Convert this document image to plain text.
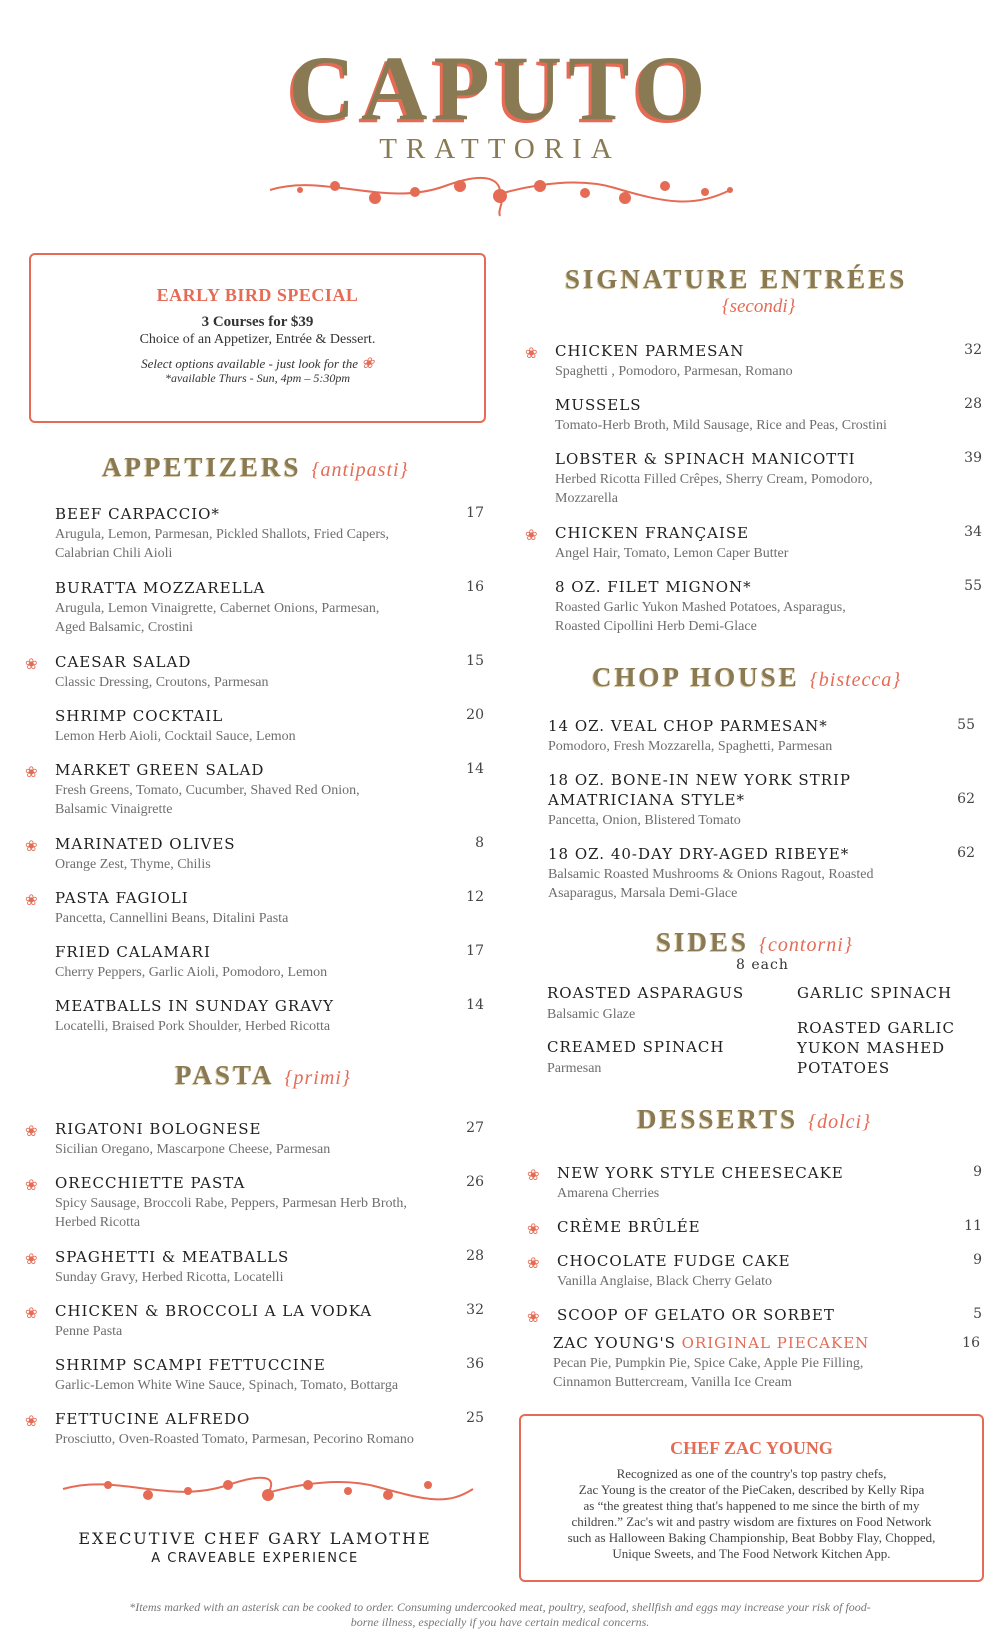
CAPUTO
TRATTORIA
EARLY BIRD SPECIAL
3 Courses for $39
Choice of an Appetizer, Entrée & Dessert.
Select options available - just look for the ❀
*available Thurs - Sun, 4pm – 5:30pm
APPETIZERS {antipasti}
BEEF CARPACCIO*	17
Arugula, Lemon, Parmesan, Pickled Shallots, Fried Capers,
Calabrian Chili Aioli
BURATTA MOZZARELLA	16
Arugula, Lemon Vinaigrette, Cabernet Onions, Parmesan,
Aged Balsamic, Crostini
❀ CAESAR SALAD	15
Classic Dressing, Croutons, Parmesan
SHRIMP COCKTAIL	20
Lemon Herb Aioli, Cocktail Sauce, Lemon
❀ MARKET GREEN SALAD	14
Fresh Greens, Tomato, Cucumber, Shaved Red Onion,
Balsamic Vinaigrette
❀ MARINATED OLIVES	8
Orange Zest, Thyme, Chilis
❀ PASTA FAGIOLI	12
Pancetta, Cannellini Beans, Ditalini Pasta
FRIED CALAMARI	17
Cherry Peppers, Garlic Aioli, Pomodoro, Lemon
MEATBALLS IN SUNDAY GRAVY	14
Locatelli, Braised Pork Shoulder, Herbed Ricotta
PASTA {primi}
❀ RIGATONI BOLOGNESE	27
Sicilian Oregano, Mascarpone Cheese, Parmesan
❀ ORECCHIETTE PASTA	26
Spicy Sausage, Broccoli Rabe, Peppers, Parmesan Herb Broth,
Herbed Ricotta
❀ SPAGHETTI & MEATBALLS	28
Sunday Gravy, Herbed Ricotta, Locatelli
❀ CHICKEN & BROCCOLI A LA VODKA	32
Penne Pasta
SHRIMP SCAMPI FETTUCCINE	36
Garlic-Lemon White Wine Sauce, Spinach, Tomato, Bottarga
❀ FETTUCINE ALFREDO	25
Prosciutto, Oven-Roasted Tomato, Parmesan, Pecorino Romano
EXECUTIVE CHEF GARY LAMOTHE
A CRAVEABLE EXPERIENCE
SIGNATURE ENTRÉES
{secondi}
❀ CHICKEN PARMESAN	32
Spaghetti , Pomodoro, Parmesan, Romano
MUSSELS	28
Tomato-Herb Broth, Mild Sausage, Rice and Peas, Crostini
LOBSTER & SPINACH MANICOTTI	39
Herbed Ricotta Filled Crêpes, Sherry Cream, Pomodoro,
Mozzarella
❀ CHICKEN FRANÇAISE	34
Angel Hair, Tomato, Lemon Caper Butter
8 OZ. FILET MIGNON*	55
Roasted Garlic Yukon Mashed Potatoes, Asparagus,
Roasted Cipollini Herb Demi-Glace
CHOP HOUSE {bistecca}
14 OZ. VEAL CHOP PARMESAN*	55
Pomodoro, Fresh Mozzarella, Spaghetti, Parmesan
18 OZ. BONE-IN NEW YORK STRIP
AMATRICIANA STYLE*	62
Pancetta, Onion, Blistered Tomato
18 OZ. 40-DAY DRY-AGED RIBEYE*	62
Balsamic Roasted Mushrooms & Onions Ragout, Roasted
Asaparagus, Marsala Demi-Glace
SIDES {contorni}
8 each
ROASTED ASPARAGUS
Balsamic Glaze
CREAMED SPINACH
Parmesan
GARLIC SPINACH
ROASTED GARLIC
YUKON MASHED
POTATOES
DESSERTS {dolci}
❀ NEW YORK STYLE CHEESECAKE	9
Amarena Cherries
❀ CRÈME BRÛLÉE	11
❀ CHOCOLATE FUDGE CAKE	9
Vanilla Anglaise, Black Cherry Gelato
❀ SCOOP OF GELATO OR SORBET	5
ZAC YOUNG'S ORIGINAL PIECAKEN	16
Pecan Pie, Pumpkin Pie, Spice Cake, Apple Pie Filling,
Cinnamon Buttercream, Vanilla Ice Cream
CHEF ZAC YOUNG
Recognized as one of the country's top pastry chefs,
Zac Young is the creator of the PieCaken, described by Kelly Ripa
as “the greatest thing that's happened to me since the birth of my
children.” Zac's wit and pastry wisdom are fixtures on Food Network
such as Halloween Baking Championship, Beat Bobby Flay, Chopped,
Unique Sweets, and The Food Network Kitchen App.
*Items marked with an asterisk can be cooked to order. Consuming undercooked meat, poultry, seafood, shellfish and eggs may increase your risk of food-
borne illness, especially if you have certain medical concerns.
